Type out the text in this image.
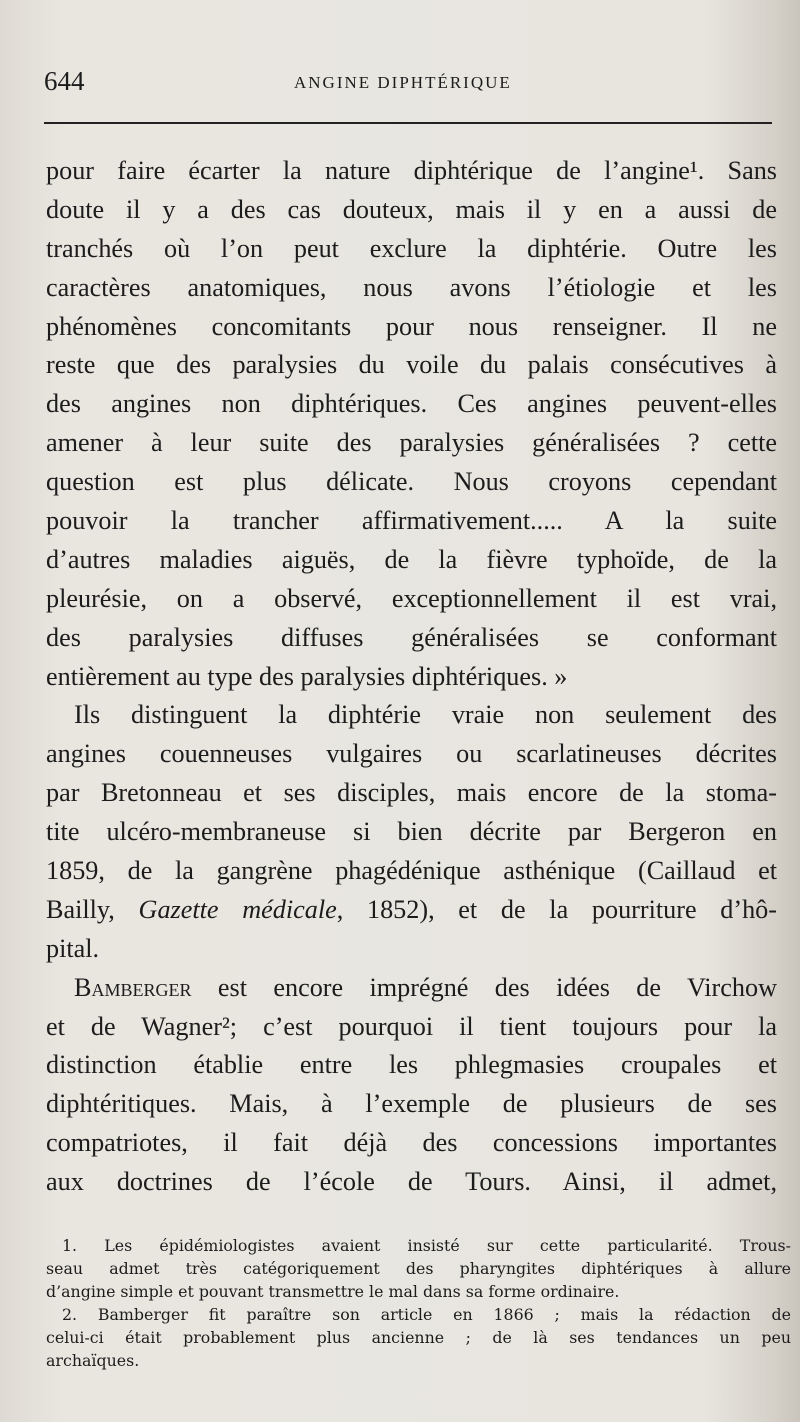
644	ANGINE DIPHTÉRIQUE
pour faire écarter la nature diphtérique de l’angine¹. Sans
doute il y a des cas douteux, mais il y en a aussi de
tranchés où l’on peut exclure la diphtérie. Outre les
caractères anatomiques, nous avons l’étiologie et les
phénomènes concomitants pour nous renseigner. Il ne
reste que des paralysies du voile du palais consécutives à
des angines non diphtériques. Ces angines peuvent-elles
amener à leur suite des paralysies généralisées ? cette
question est plus délicate. Nous croyons cependant
pouvoir la trancher affirmativement..... A la suite
d’autres maladies aiguës, de la fièvre typhoïde, de la
pleurésie, on a observé, exceptionnellement il est vrai,
des paralysies diffuses généralisées se conformant
entièrement au type des paralysies diphtériques. »
Ils distinguent la diphtérie vraie non seulement des
angines couenneuses vulgaires ou scarlatineuses décrites
par Bretonneau et ses disciples, mais encore de la stoma-
tite ulcéro-membraneuse si bien décrite par Bergeron en
1859, de la gangrène phagédénique asthénique (Caillaud et
Bailly, Gazette médicale, 1852), et de la pourriture d’hô-
pital.
Bamberger est encore imprégné des idées de Virchow
et de Wagner²; c’est pourquoi il tient toujours pour la
distinction établie entre les phlegmasies croupales et
diphtéritiques. Mais, à l’exemple de plusieurs de ses
compatriotes, il fait déjà des concessions importantes
aux doctrines de l’école de Tours. Ainsi, il admet,
1. Les épidémiologistes avaient insisté sur cette particularité. Trous-
seau admet très catégoriquement des pharyngites diphtériques à allure
d’angine simple et pouvant transmettre le mal dans sa forme ordinaire.
2. Bamberger fit paraître son article en 1866 ; mais la rédaction de
celui-ci était probablement plus ancienne ; de là ses tendances un peu
archaïques.
